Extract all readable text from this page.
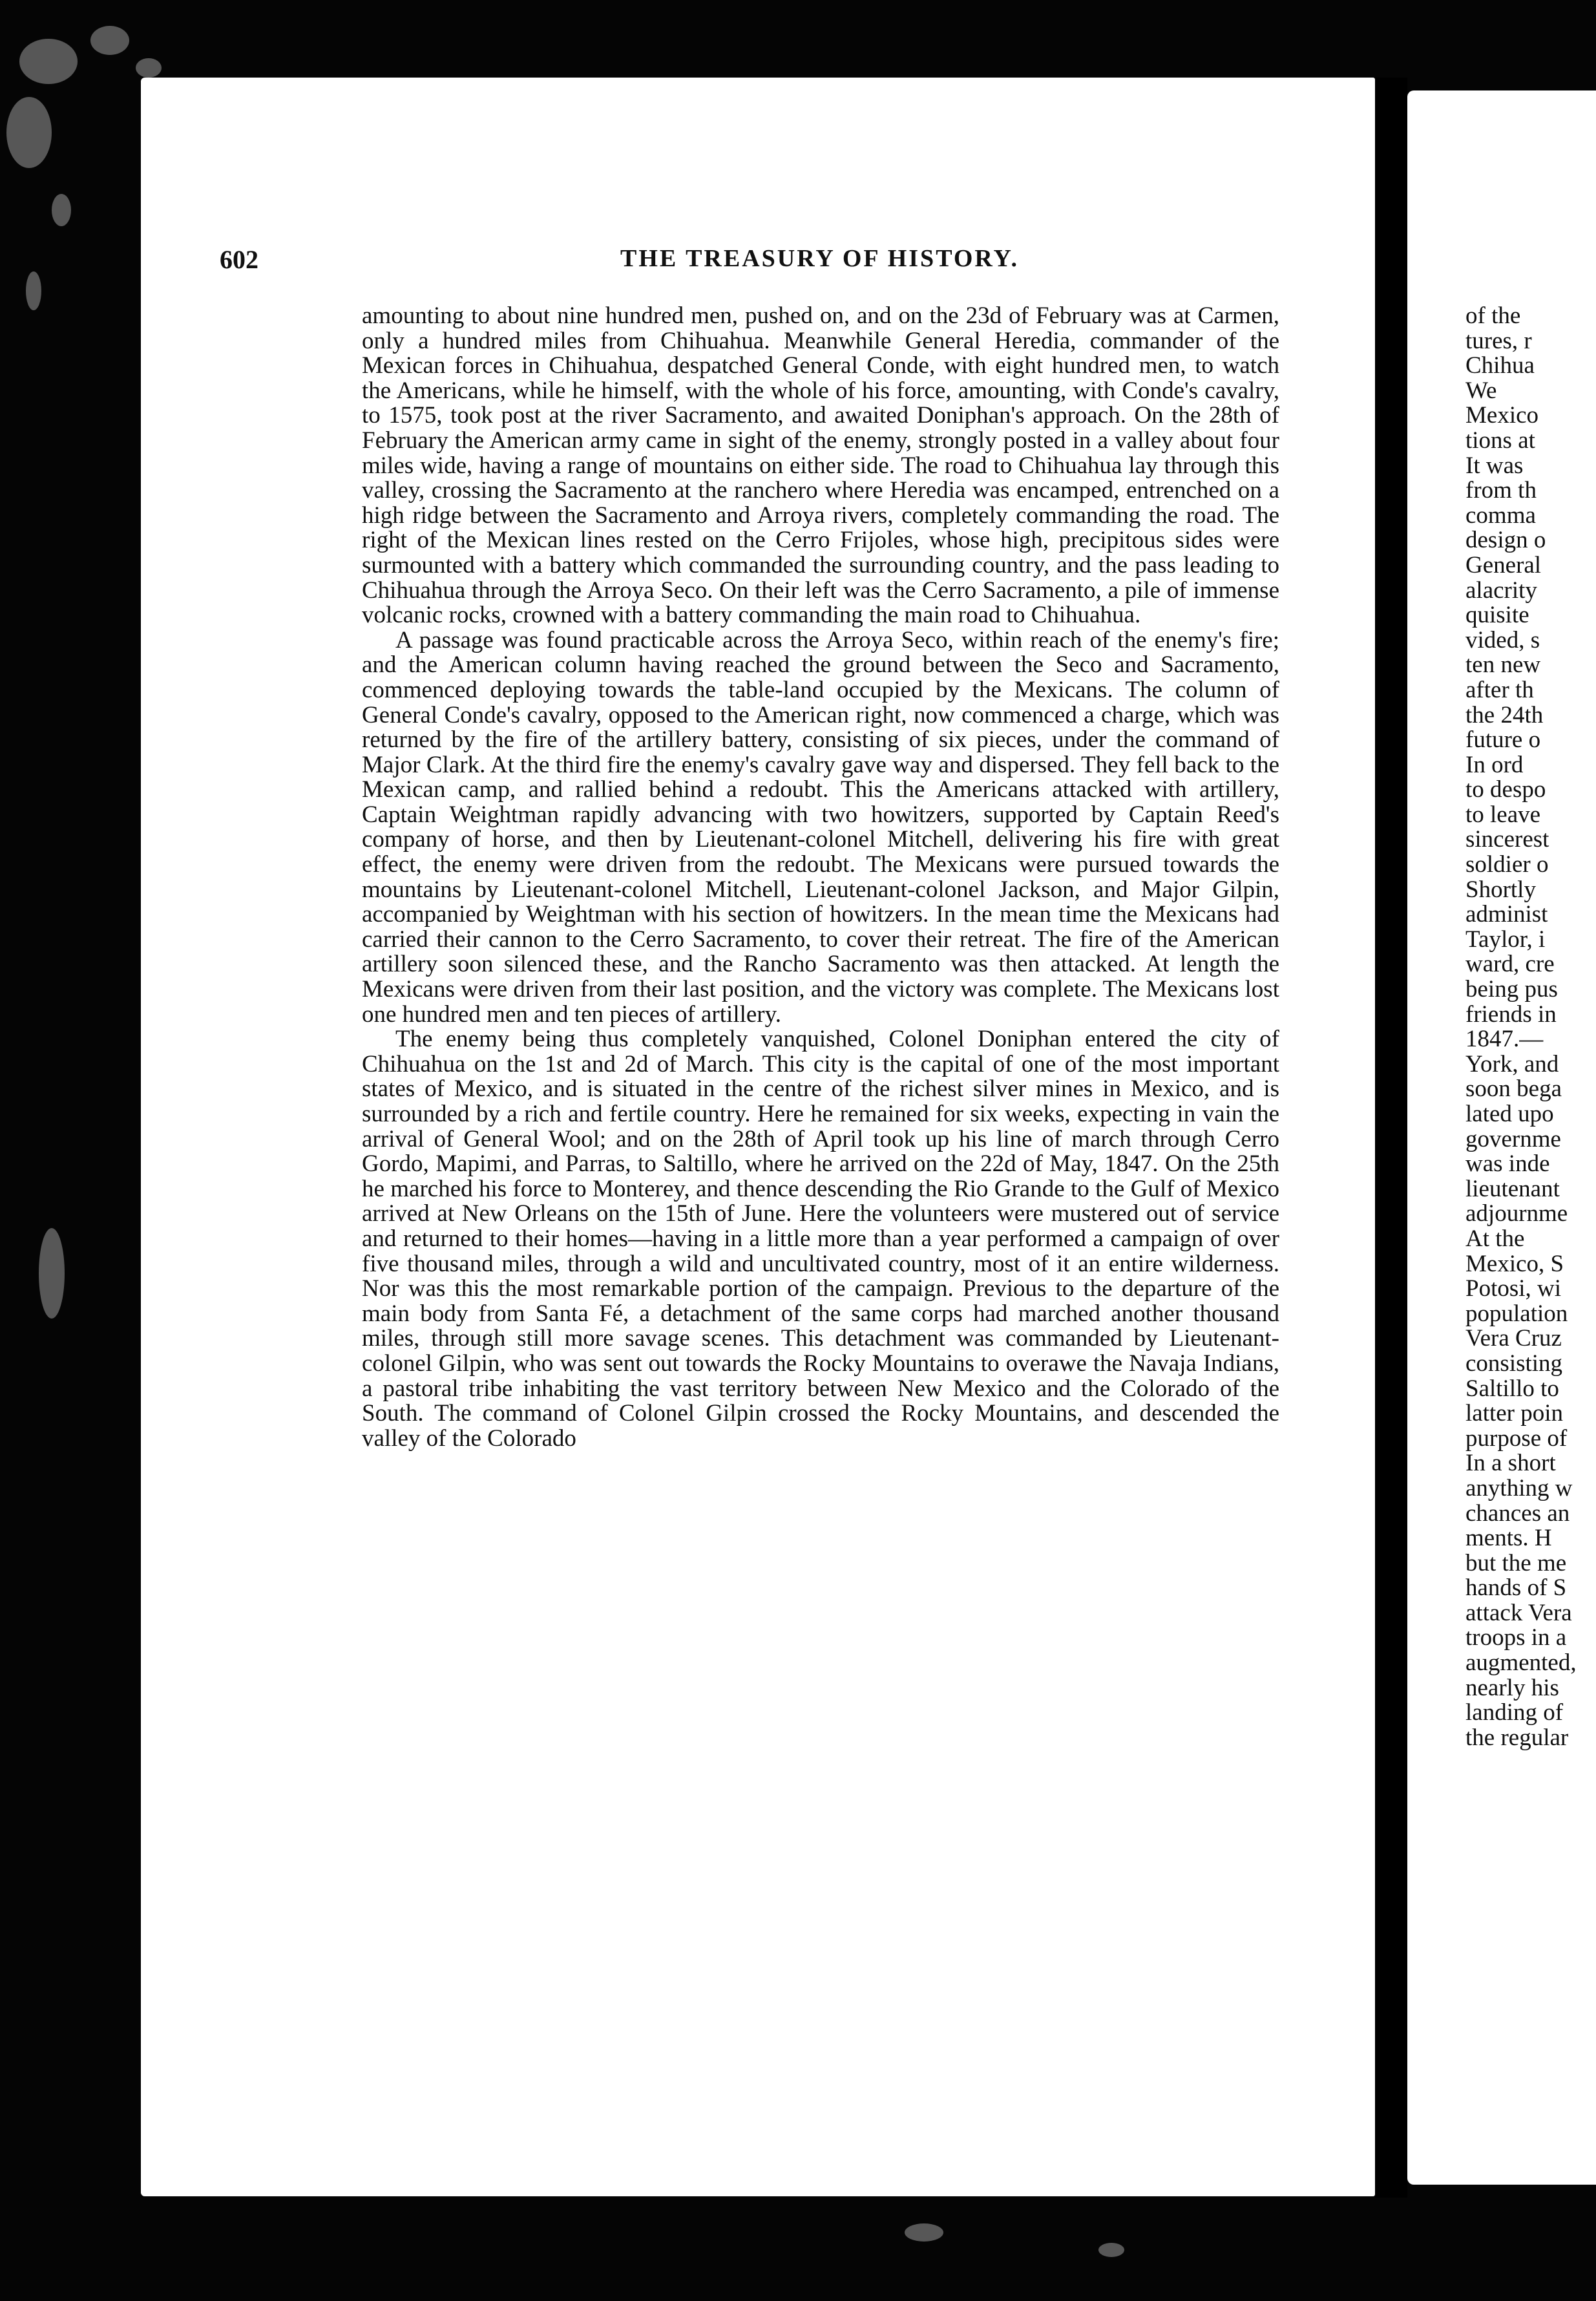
602	THE TREASURY OF HISTORY.

amounting to about nine hundred men, pushed on, and on the 23d of February was at Carmen, only a hundred miles from Chihuahua. Meanwhile General Heredia, commander of the Mexican forces in Chihuahua, despatched General Conde, with eight hundred men, to watch the Americans, while he himself, with the whole of his force, amounting, with Conde's cavalry, to 1575, took post at the river Sacramento, and awaited Doniphan's approach. On the 28th of February the American army came in sight of the enemy, strongly posted in a valley about four miles wide, having a range of mountains on either side. The road to Chihuahua lay through this valley, crossing the Sacramento at the ranchero where Heredia was encamped, entrenched on a high ridge between the Sacramento and Arroya rivers, completely commanding the road. The right of the Mexican lines rested on the Cerro Frijoles, whose high, precipitous sides were surmounted with a battery which commanded the surrounding country, and the pass leading to Chihuahua through the Arroya Seco. On their left was the Cerro Sacramento, a pile of immense volcanic rocks, crowned with a battery commanding the main road to Chihuahua.

A passage was found practicable across the Arroya Seco, within reach of the enemy's fire; and the American column having reached the ground between the Seco and Sacramento, commenced deploying towards the table-land occupied by the Mexicans. The column of General Conde's cavalry, opposed to the American right, now commenced a charge, which was returned by the fire of the artillery battery, consisting of six pieces, under the command of Major Clark. At the third fire the enemy's cavalry gave way and dispersed. They fell back to the Mexican camp, and rallied behind a redoubt. This the Americans attacked with artillery, Captain Weightman rapidly advancing with two howitzers, supported by Captain Reed's company of horse, and then by Lieutenant-colonel Mitchell, delivering his fire with great effect, the enemy were driven from the redoubt. The Mexicans were pursued towards the mountains by Lieutenant-colonel Mitchell, Lieutenant-colonel Jackson, and Major Gilpin, accompanied by Weightman with his section of howitzers. In the mean time the Mexicans had carried their cannon to the Cerro Sacramento, to cover their retreat. The fire of the American artillery soon silenced these, and the Rancho Sacramento was then attacked. At length the Mexicans were driven from their last position, and the victory was complete. The Mexicans lost one hundred men and ten pieces of artillery.

The enemy being thus completely vanquished, Colonel Doniphan entered the city of Chihuahua on the 1st and 2d of March. This city is the capital of one of the most important states of Mexico, and is situated in the centre of the richest silver mines in Mexico, and is surrounded by a rich and fertile country. Here he remained for six weeks, expecting in vain the arrival of General Wool; and on the 28th of April took up his line of march through Cerro Gordo, Mapimi, and Parras, to Saltillo, where he arrived on the 22d of May, 1847. On the 25th he marched his force to Monterey, and thence descending the Rio Grande to the Gulf of Mexico arrived at New Orleans on the 15th of June. Here the volunteers were mustered out of service and returned to their homes—having in a little more than a year performed a campaign of over five thousand miles, through a wild and uncultivated country, most of it an entire wilderness. Nor was this the most remarkable portion of the campaign. Previous to the departure of the main body from Santa Fé, a detachment of the same corps had marched another thousand miles, through still more savage scenes. This detachment was commanded by Lieutenant-colonel Gilpin, who was sent out towards the Rocky Mountains to overawe the Navaja Indians, a pastoral tribe inhabiting the vast territory between New Mexico and the Colorado of the South. The command of Colonel Gilpin crossed the Rocky Mountains, and descended the valley of the Colorado

of the
tures, r
Chihua
We
Mexico
tions at
It was
from th
comma
design o
General
alacrity
quisite
vided, s
ten new
after th
the 24th
future o
In ord
to despo
to leave
sincerest
soldier o
Shortly
administ
Taylor, i
ward, cre
being pus
friends in
1847.—
York, and
soon bega
lated upo
governme
was inde
lieutenant
adjournme
At the
Mexico, S
Potosi, wi
population
Vera Cruz
consisting
Saltillo to
latter poin
purpose of
In a short
anything w
chances an
ments. H
but the me
hands of S
attack Vera
troops in a
augmented,
nearly his
landing of
the regular
